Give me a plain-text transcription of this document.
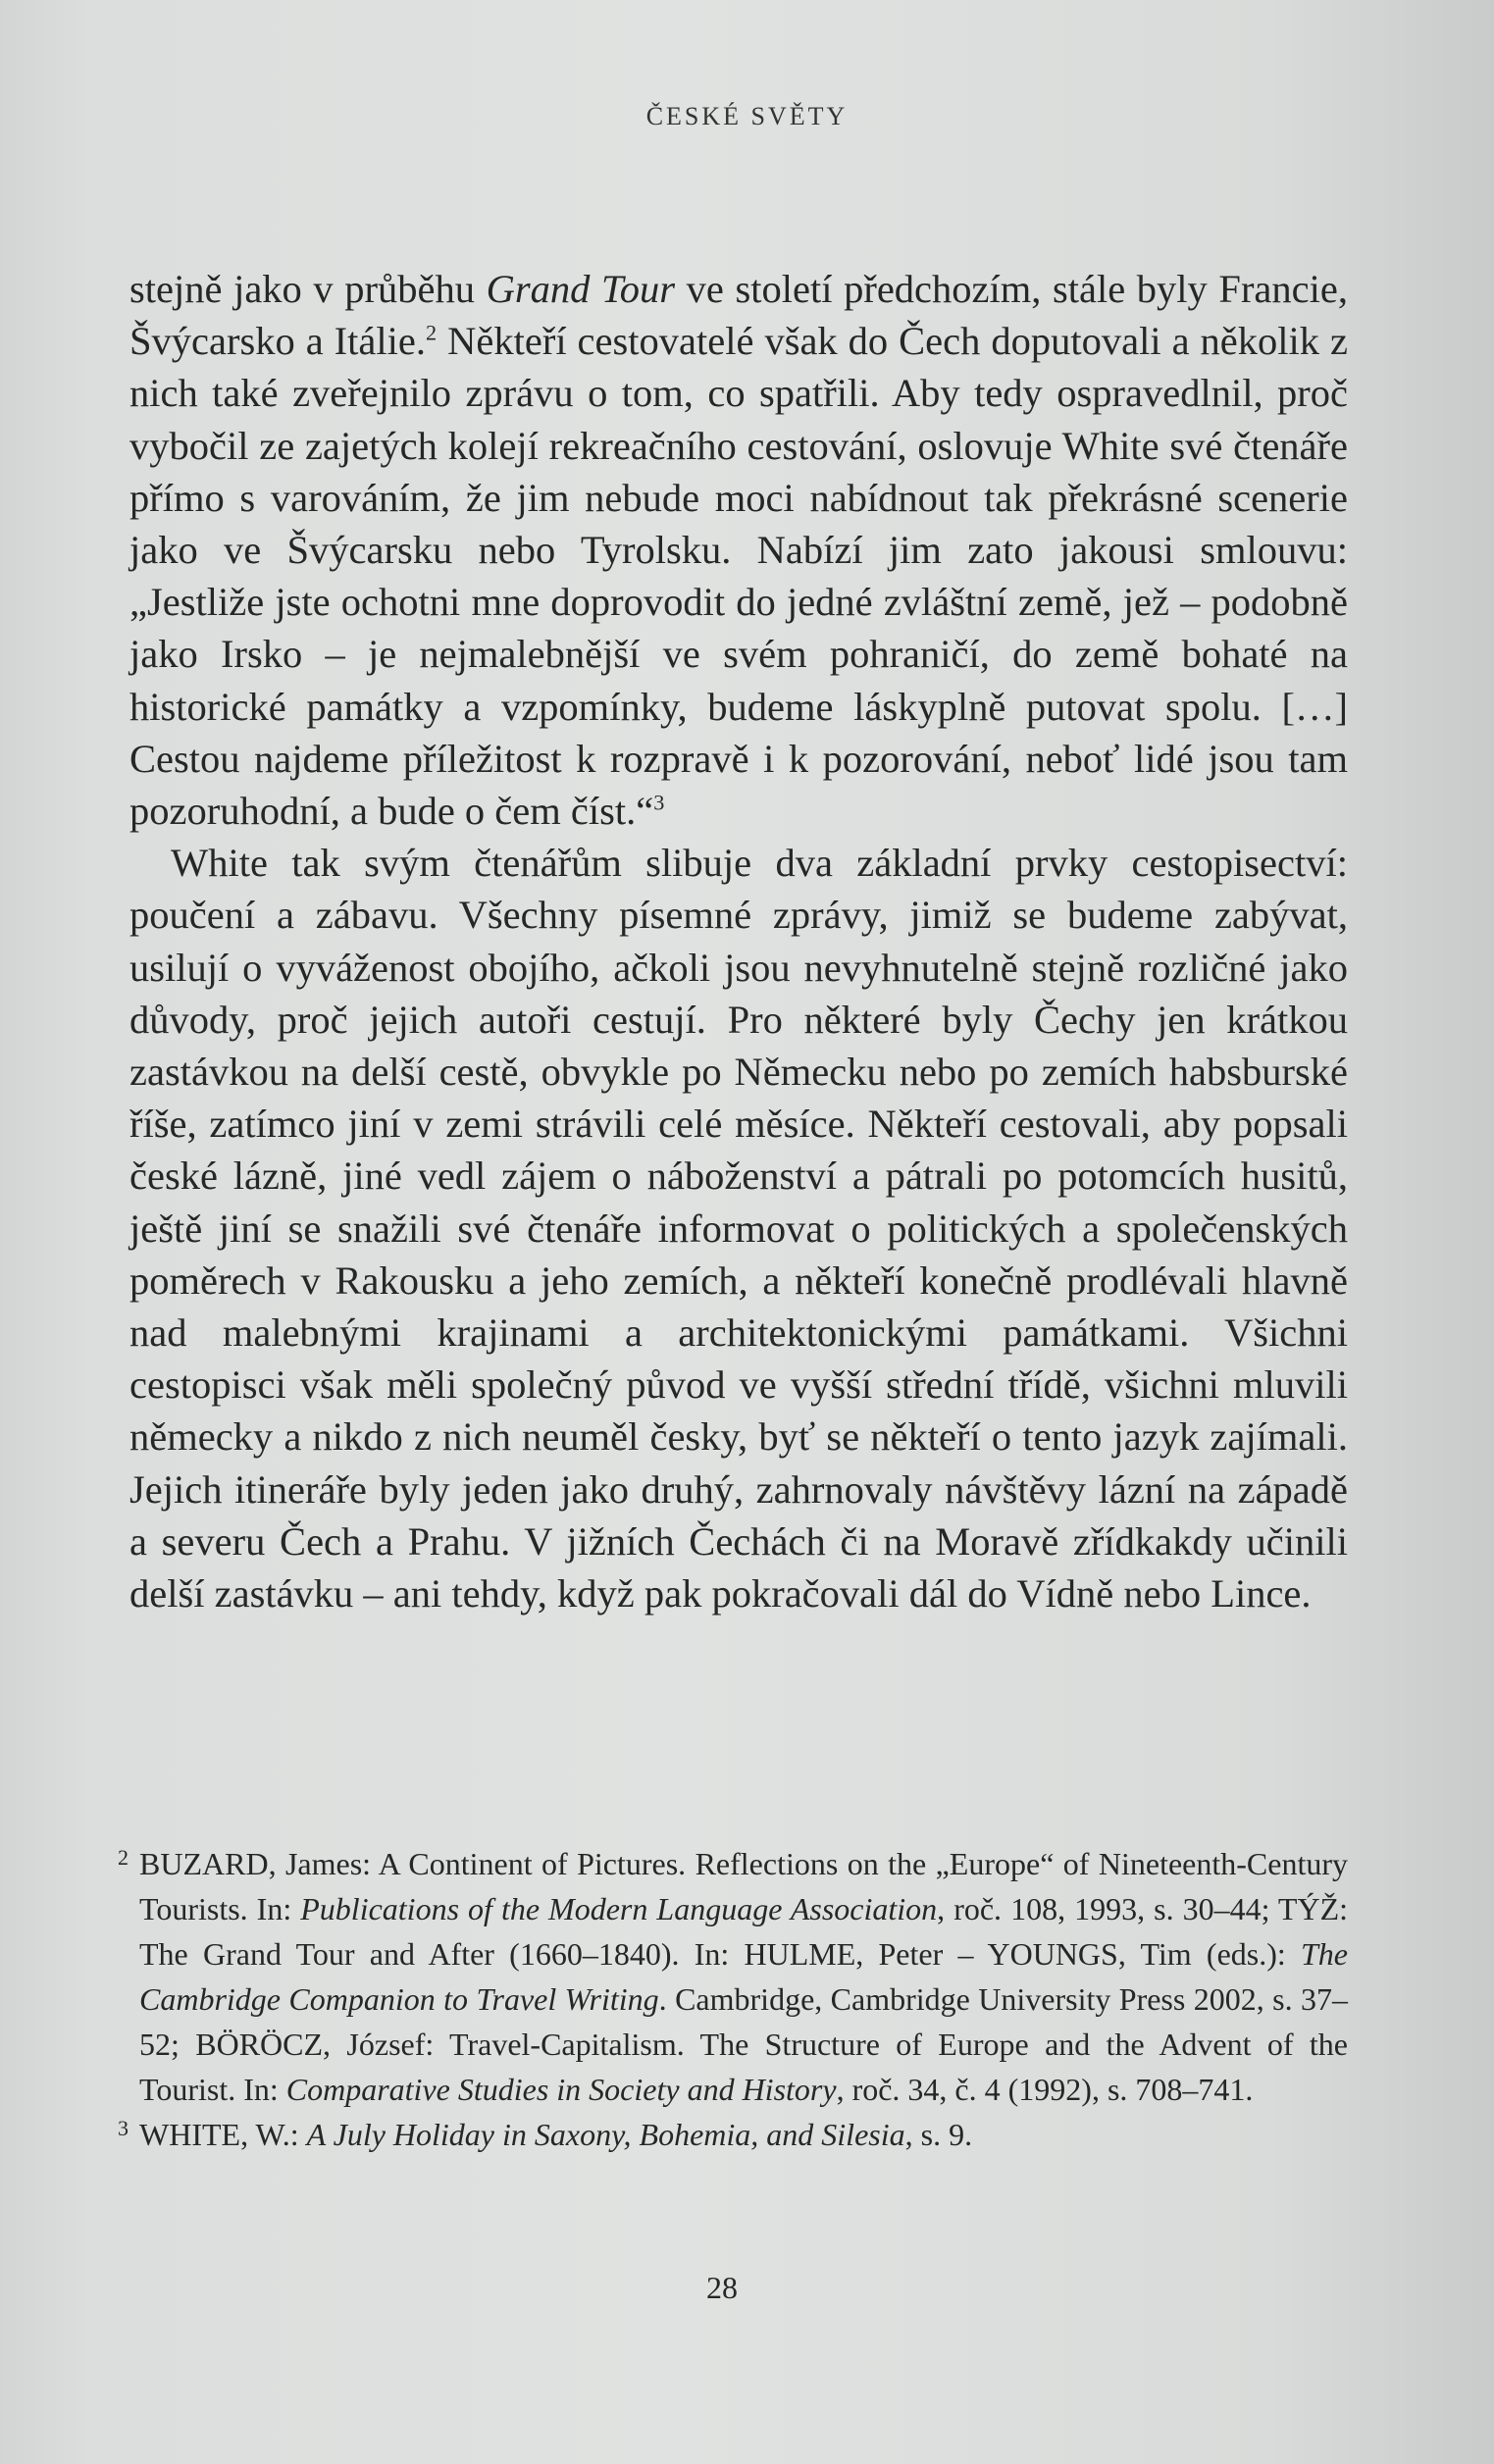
ČESKÉ SVĚTY

stejně jako v průběhu Grand Tour ve století předchozím, stále byly Francie, Švýcarsko a Itálie.$^2$ Někteří cestovatelé však do Čech doputovali a několik z nich také zveřejnilo zprávu o tom, co spatřili. Aby tedy ospravedlnil, proč vybočil ze zajetých kolejí rekreačního cestování, oslovuje White své čtenáře přímo s varováním, že jim nebude moci nabídnout tak překrásné scenerie jako ve Švýcarsku nebo Tyrolsku. Nabízí jim zato jakousi smlouvu: „Jestliže jste ochotni mne doprovodit do jedné zvláštní země, jež – podobně jako Irsko – je nejmalebnější ve svém pohraničí, do země bohaté na historické památky a vzpomínky, budeme láskyplně putovat spolu. […] Cestou najdeme příležitost k rozpravě i k pozorování, neboť lidé jsou tam pozoruhodní, a bude o čem číst.“$^3$

White tak svým čtenářům slibuje dva základní prvky cestopisectví: poučení a zábavu. Všechny písemné zprávy, jimiž se budeme zabývat, usilují o vyváženost obojího, ačkoli jsou nevyhnutelně stejně rozličné jako důvody, proč jejich autoři cestují. Pro některé byly Čechy jen krátkou zastávkou na delší cestě, obvykle po Německu nebo po zemích habsburské říše, zatímco jiní v zemi strávili celé měsíce. Někteří cestovali, aby popsali české lázně, jiné vedl zájem o náboženství a pátrali po potomcích husitů, ještě jiní se snažili své čtenáře informovat o politických a společenských poměrech v Rakousku a jeho zemích, a někteří konečně prodlévali hlavně nad malebnými krajinami a architektonickými památkami. Všichni cestopisci však měli společný původ ve vyšší střední třídě, všichni mluvili německy a nikdo z nich neuměl česky, byť se někteří o tento jazyk zajímali. Jejich itineráře byly jeden jako druhý, zahrnovaly návštěvy lázní na západě a severu Čech a Prahu. V jižních Čechách či na Moravě zřídkakdy učinili delší zastávku – ani tehdy, když pak pokračovali dál do Vídně nebo Lince.

2 BUZARD, James: A Continent of Pictures. Reflections on the „Europe“ of Nineteenth-Century Tourists. In: Publications of the Modern Language Association, roč. 108, 1993, s. 30–44; TÝŽ: The Grand Tour and After (1660–1840). In: HULME, Peter – YOUNGS, Tim (eds.): The Cambridge Companion to Travel Writing. Cambridge, Cambridge University Press 2002, s. 37–52; BÖRÖCZ, József: Travel-Capitalism. The Structure of Europe and the Advent of the Tourist. In: Comparative Studies in Society and History, roč. 34, č. 4 (1992), s. 708–741.
3 WHITE, W.: A July Holiday in Saxony, Bohemia, and Silesia, s. 9.
28
